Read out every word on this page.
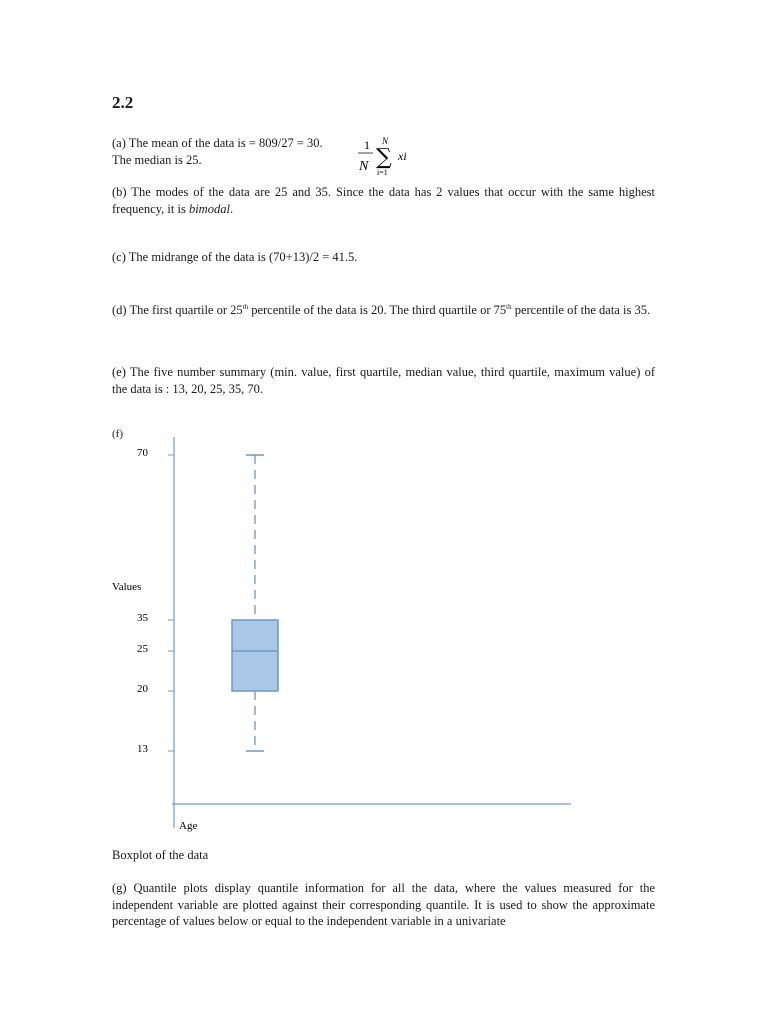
2.2
(a) The mean of the data is = 809/27 = 30.
The median is 25.
1
N
N
∑
i=1
xi
(b) The modes of the data are 25 and 35. Since the data has 2 values that occur with the same highest frequency, it is bimodal.
(c) The midrange of the data is (70+13)/2 = 41.5.
(d) The first quartile or 25th percentile of the data is 20. The third quartile or 75th percentile of the data is 35.
(e) The five number summary (min. value, first quartile, median value, third quartile, maximum value) of the data is : 13, 20, 25, 35, 70.
(f)
70
35
25
20
13
Values
Age
Boxplot of the data
(g) Quantile plots display quantile information for all the data, where the values measured for the independent variable are plotted against their corresponding quantile. It is used to show the approximate percentage of values below or equal to the independent variable in a univariate
